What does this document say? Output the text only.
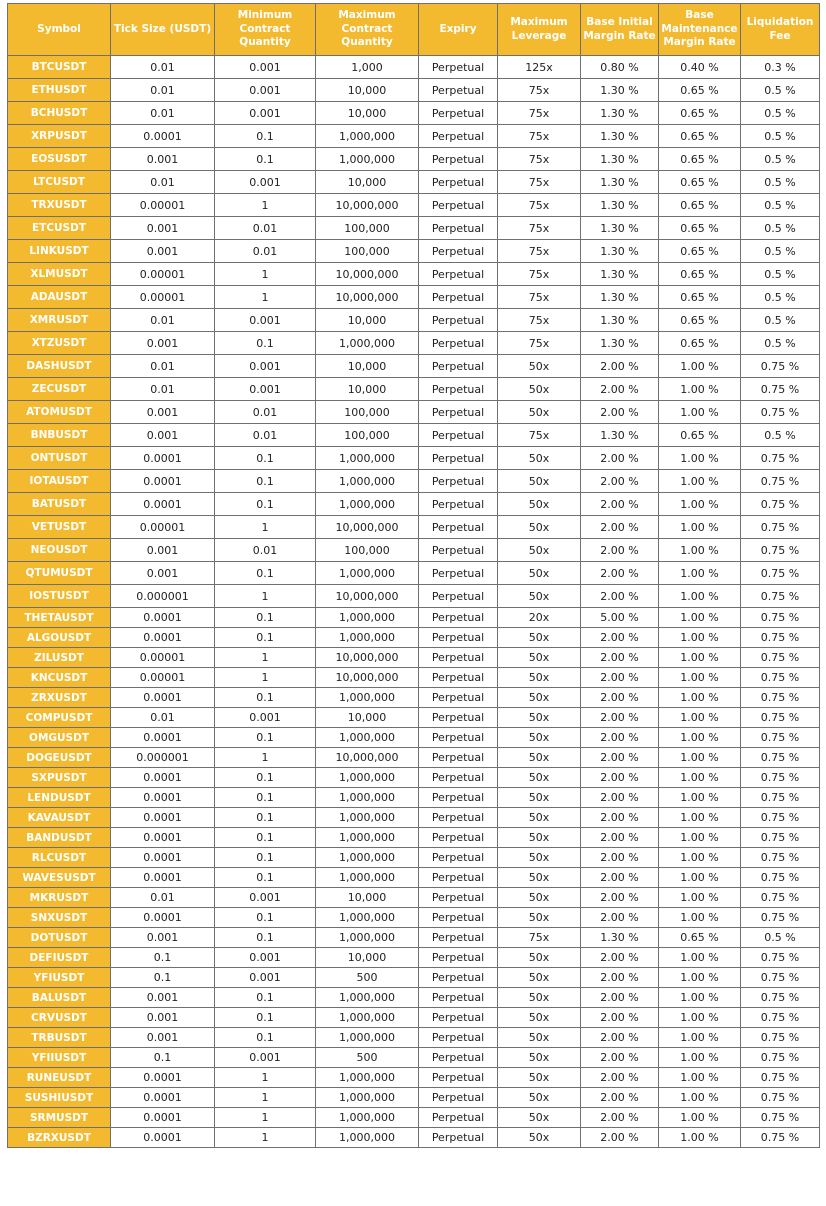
Symbol	Tick Size (USDT)	Minimum Contract Quantity	Maximum Contract Quantity	Expiry	Maximum Leverage	Base Initial Margin Rate	Base Maintenance Margin Rate	Liquidation Fee
BTCUSDT	0.01	0.001	1,000	Perpetual	125x	0.80 %	0.40 %	0.3 %
ETHUSDT	0.01	0.001	10,000	Perpetual	75x	1.30 %	0.65 %	0.5 %
BCHUSDT	0.01	0.001	10,000	Perpetual	75x	1.30 %	0.65 %	0.5 %
XRPUSDT	0.0001	0.1	1,000,000	Perpetual	75x	1.30 %	0.65 %	0.5 %
EOSUSDT	0.001	0.1	1,000,000	Perpetual	75x	1.30 %	0.65 %	0.5 %
LTCUSDT	0.01	0.001	10,000	Perpetual	75x	1.30 %	0.65 %	0.5 %
TRXUSDT	0.00001	1	10,000,000	Perpetual	75x	1.30 %	0.65 %	0.5 %
ETCUSDT	0.001	0.01	100,000	Perpetual	75x	1.30 %	0.65 %	0.5 %
LINKUSDT	0.001	0.01	100,000	Perpetual	75x	1.30 %	0.65 %	0.5 %
XLMUSDT	0.00001	1	10,000,000	Perpetual	75x	1.30 %	0.65 %	0.5 %
ADAUSDT	0.00001	1	10,000,000	Perpetual	75x	1.30 %	0.65 %	0.5 %
XMRUSDT	0.01	0.001	10,000	Perpetual	75x	1.30 %	0.65 %	0.5 %
XTZUSDT	0.001	0.1	1,000,000	Perpetual	75x	1.30 %	0.65 %	0.5 %
DASHUSDT	0.01	0.001	10,000	Perpetual	50x	2.00 %	1.00 %	0.75 %
ZECUSDT	0.01	0.001	10,000	Perpetual	50x	2.00 %	1.00 %	0.75 %
ATOMUSDT	0.001	0.01	100,000	Perpetual	50x	2.00 %	1.00 %	0.75 %
BNBUSDT	0.001	0.01	100,000	Perpetual	75x	1.30 %	0.65 %	0.5 %
ONTUSDT	0.0001	0.1	1,000,000	Perpetual	50x	2.00 %	1.00 %	0.75 %
IOTAUSDT	0.0001	0.1	1,000,000	Perpetual	50x	2.00 %	1.00 %	0.75 %
BATUSDT	0.0001	0.1	1,000,000	Perpetual	50x	2.00 %	1.00 %	0.75 %
VETUSDT	0.00001	1	10,000,000	Perpetual	50x	2.00 %	1.00 %	0.75 %
NEOUSDT	0.001	0.01	100,000	Perpetual	50x	2.00 %	1.00 %	0.75 %
QTUMUSDT	0.001	0.1	1,000,000	Perpetual	50x	2.00 %	1.00 %	0.75 %
IOSTUSDT	0.000001	1	10,000,000	Perpetual	50x	2.00 %	1.00 %	0.75 %
THETAUSDT	0.0001	0.1	1,000,000	Perpetual	20x	5.00 %	1.00 %	0.75 %
ALGOUSDT	0.0001	0.1	1,000,000	Perpetual	50x	2.00 %	1.00 %	0.75 %
ZILUSDT	0.00001	1	10,000,000	Perpetual	50x	2.00 %	1.00 %	0.75 %
KNCUSDT	0.00001	1	10,000,000	Perpetual	50x	2.00 %	1.00 %	0.75 %
ZRXUSDT	0.0001	0.1	1,000,000	Perpetual	50x	2.00 %	1.00 %	0.75 %
COMPUSDT	0.01	0.001	10,000	Perpetual	50x	2.00 %	1.00 %	0.75 %
OMGUSDT	0.0001	0.1	1,000,000	Perpetual	50x	2.00 %	1.00 %	0.75 %
DOGEUSDT	0.000001	1	10,000,000	Perpetual	50x	2.00 %	1.00 %	0.75 %
SXPUSDT	0.0001	0.1	1,000,000	Perpetual	50x	2.00 %	1.00 %	0.75 %
LENDUSDT	0.0001	0.1	1,000,000	Perpetual	50x	2.00 %	1.00 %	0.75 %
KAVAUSDT	0.0001	0.1	1,000,000	Perpetual	50x	2.00 %	1.00 %	0.75 %
BANDUSDT	0.0001	0.1	1,000,000	Perpetual	50x	2.00 %	1.00 %	0.75 %
RLCUSDT	0.0001	0.1	1,000,000	Perpetual	50x	2.00 %	1.00 %	0.75 %
WAVESUSDT	0.0001	0.1	1,000,000	Perpetual	50x	2.00 %	1.00 %	0.75 %
MKRUSDT	0.01	0.001	10,000	Perpetual	50x	2.00 %	1.00 %	0.75 %
SNXUSDT	0.0001	0.1	1,000,000	Perpetual	50x	2.00 %	1.00 %	0.75 %
DOTUSDT	0.001	0.1	1,000,000	Perpetual	75x	1.30 %	0.65 %	0.5 %
DEFIUSDT	0.1	0.001	10,000	Perpetual	50x	2.00 %	1.00 %	0.75 %
YFIUSDT	0.1	0.001	500	Perpetual	50x	2.00 %	1.00 %	0.75 %
BALUSDT	0.001	0.1	1,000,000	Perpetual	50x	2.00 %	1.00 %	0.75 %
CRVUSDT	0.001	0.1	1,000,000	Perpetual	50x	2.00 %	1.00 %	0.75 %
TRBUSDT	0.001	0.1	1,000,000	Perpetual	50x	2.00 %	1.00 %	0.75 %
YFIIUSDT	0.1	0.001	500	Perpetual	50x	2.00 %	1.00 %	0.75 %
RUNEUSDT	0.0001	1	1,000,000	Perpetual	50x	2.00 %	1.00 %	0.75 %
SUSHIUSDT	0.0001	1	1,000,000	Perpetual	50x	2.00 %	1.00 %	0.75 %
SRMUSDT	0.0001	1	1,000,000	Perpetual	50x	2.00 %	1.00 %	0.75 %
BZRXUSDT	0.0001	1	1,000,000	Perpetual	50x	2.00 %	1.00 %	0.75 %
